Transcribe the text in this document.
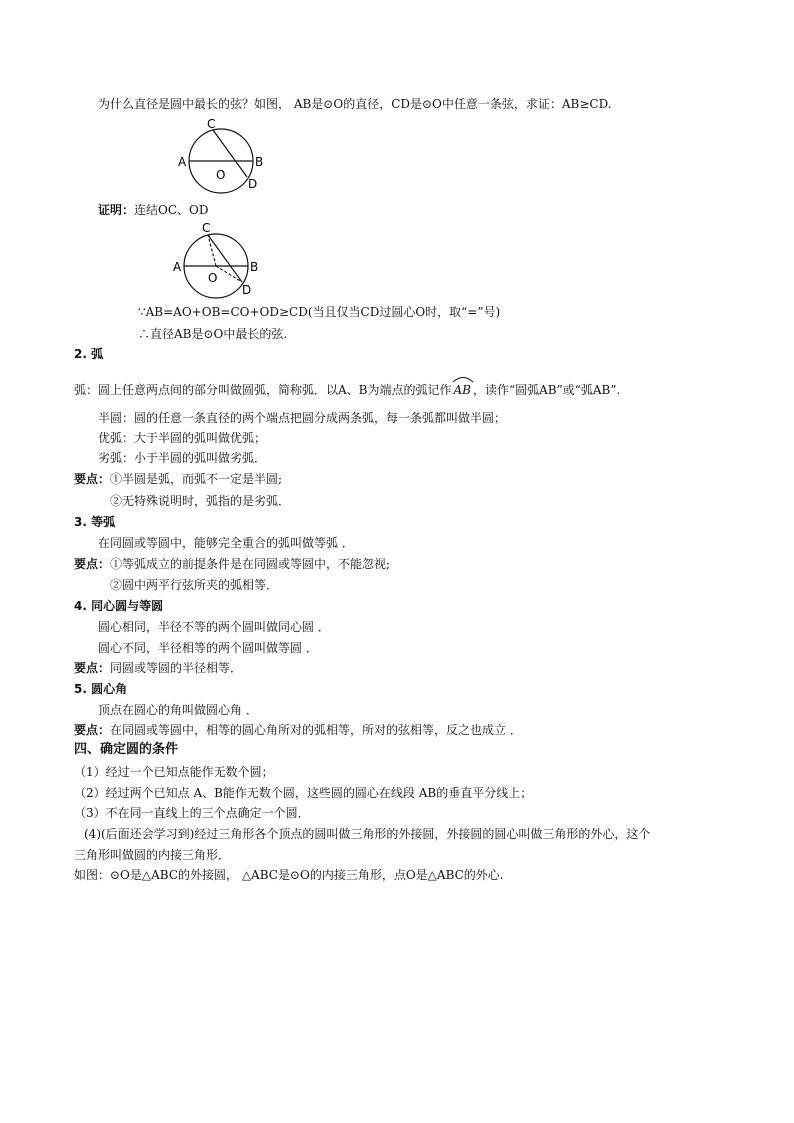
为什么直径是圆中最长的弦？如图， AB是⊙O的直径，CD是⊙O中任意一条弦，求证：AB≥CD.
C
A	B
O
D
证明：连结OC、OD
C
A	B
O
D
∵AB=AO+OB=CO+OD≥CD(当且仅当CD过圆心O时，取“=”号)
∴直径AB是⊙O中最长的弦.
2. 弧
弧：圆上任意两点间的部分叫做圆弧，简称弧．以A、B为端点的弧记作 AB ，读作“圆弧AB”或“弧AB”.
半圆：圆的任意一条直径的两个端点把圆分成两条弧，每一条弧都叫做半圆；
优弧：大于半圆的弧叫做优弧；
劣弧：小于半圆的弧叫做劣弧．
要点：①半圆是弧，而弧不一定是半圆;
②无特殊说明时，弧指的是劣弧．
3. 等弧
在同圆或等圆中，能够完全重合的弧叫做等弧 ．
要点：①等弧成立的前提条件是在同圆或等圆中，不能忽视;
②圆中两平行弦所夹的弧相等．
4. 同心圆与等圆
圆心相同，半径不等的两个圆叫做同心圆 ．
圆心不同，半径相等的两个圆叫做等圆 ．
要点：同圆或等圆的半径相等．
5. 圆心角
顶点在圆心的角叫做圆心角 ．
要点：在同圆或等圆中，相等的圆心角所对的弧相等，所对的弦相等，反之也成立 ．
四、确定圆的条件
（1）经过一个已知点能作无数个圆；
（2）经过两个已知点 A、B能作无数个圆，这些圆的圆心在线段 AB的垂直平分线上；
（3）不在同一直线上的三个点确定一个圆．
(4)(后面还会学习到)经过三角形各个顶点的圆叫做三角形的外接圆，外接圆的圆心叫做三角形的外心，这个
三角形叫做圆的内接三角形．
如图：⊙O是△ABC的外接圆， △ABC是⊙O的内接三角形，点O是△ABC的外心.
